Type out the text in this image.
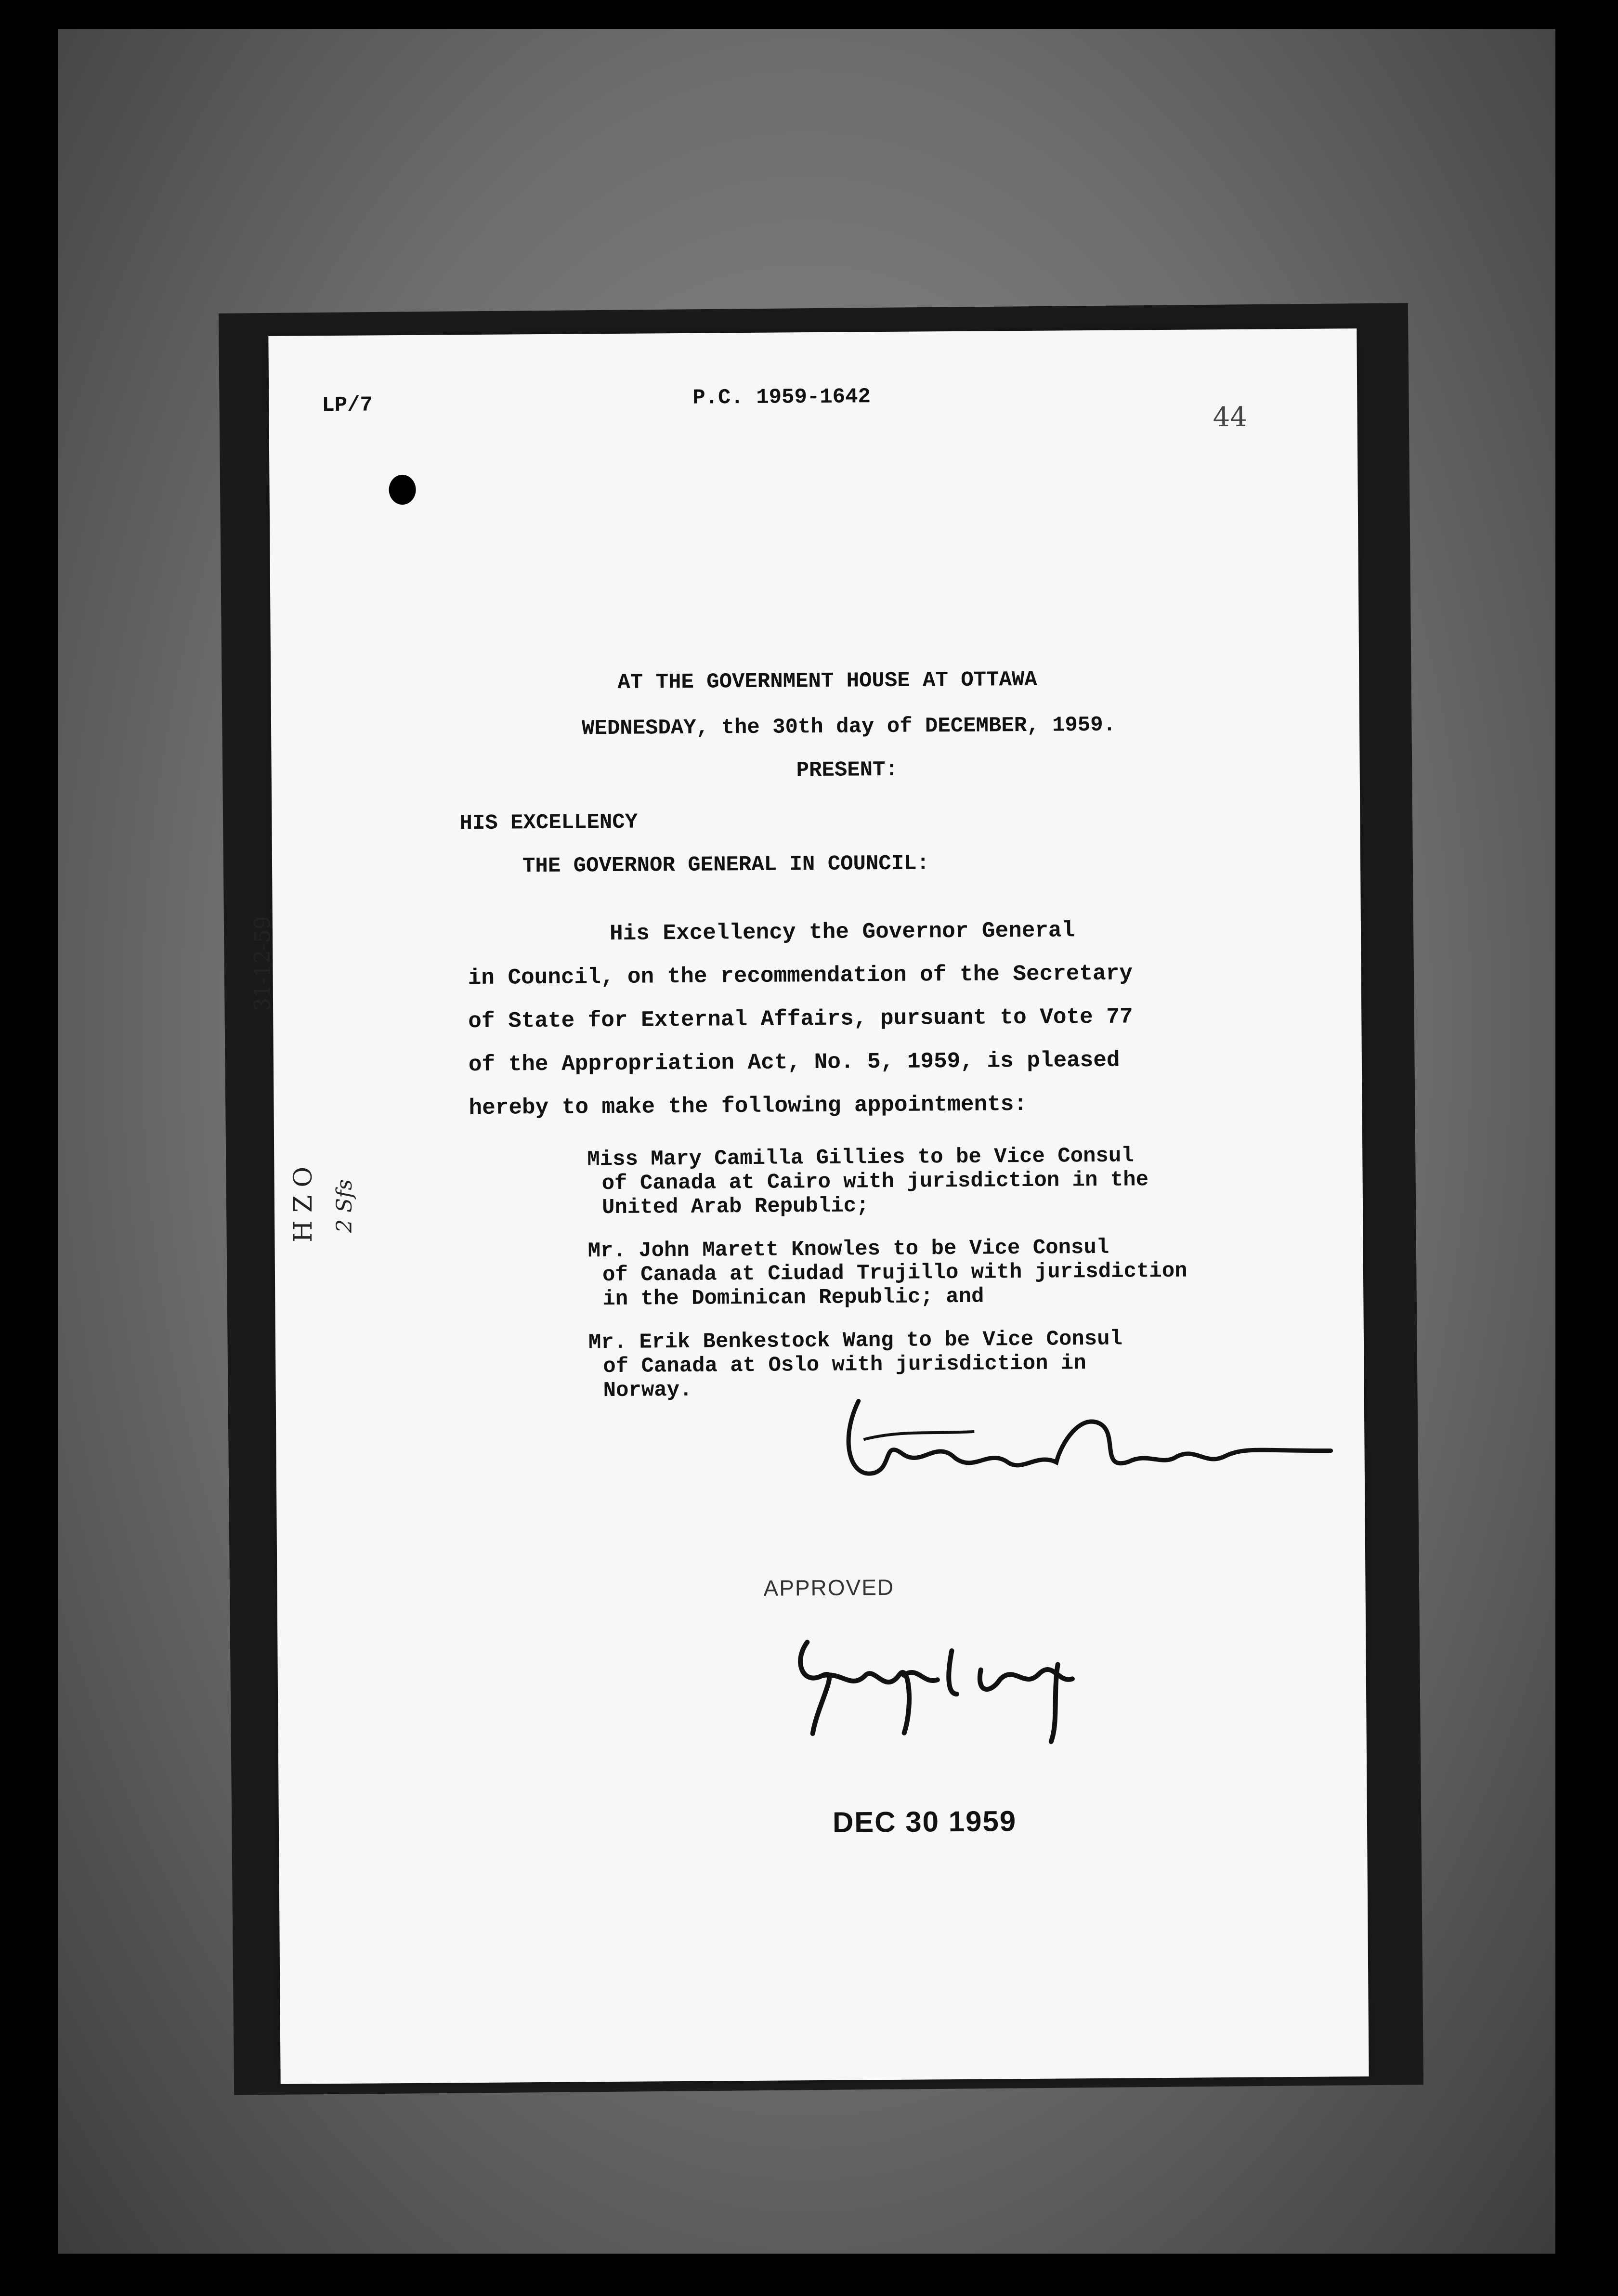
LP/7	P.C. 1959-1642
44
AT THE GOVERNMENT HOUSE AT OTTAWA
WEDNESDAY, the 30th day of DECEMBER, 1959.
PRESENT:
HIS EXCELLENCY
THE GOVERNOR GENERAL IN COUNCIL:
His Excellency the Governor General
in Council, on the recommendation of the Secretary
of State for External Affairs, pursuant to Vote 77
of the Appropriation Act, No. 5, 1959, is pleased
hereby to make the following appointments:
Miss Mary Camilla Gillies to be Vice Consul
of Canada at Cairo with jurisdiction in the
United Arab Republic;
Mr. John Marett Knowles to be Vice Consul
of Canada at Ciudad Trujillo with jurisdiction
in the Dominican Republic; and
Mr. Erik Benkestock Wang to be Vice Consul
of Canada at Oslo with jurisdiction in
Norway.
APPROVED
DEC 30 1959
31-12-59
H Z O 2 Sfs
